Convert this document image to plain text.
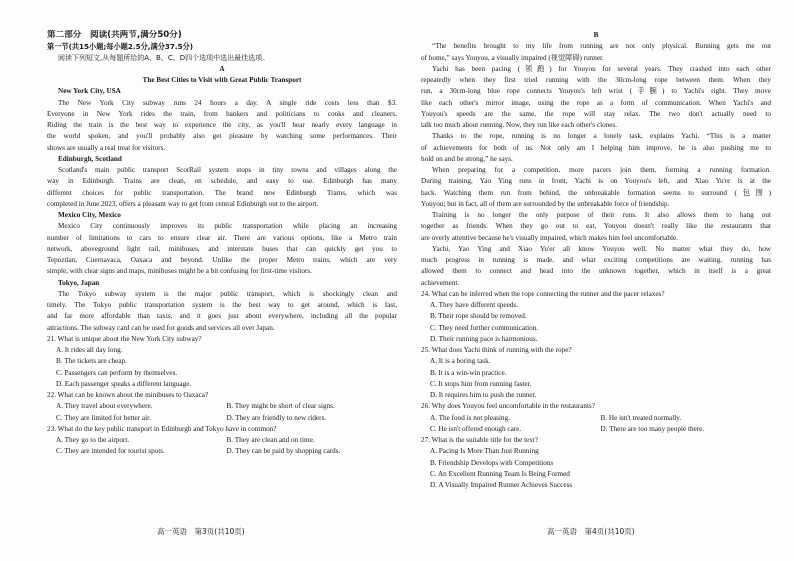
第二部分　阅读(共两节,满分50分)
第一节(共15小题;每小题2.5分,满分37.5分)
阅读下列短文,从每题所给的A、B、C、D四个选项中选出最佳选项。
A
The Best Cities to Visit with Great Public Transport
New York City, USA
The New York City subway runs 24 hours a day. A single ride costs less than $3.
Everyone in New York rides the train, from bankers and politicians to cooks and cleaners.
Riding the train is the best way to experience the city, as you'll hear nearly every language in
the world spoken, and you'll probably also get pleasure by watching some performances. Their
shows are usually a real treat for visitors.
Edinburgh, Scotland
Scotland's main public transport ScotRail system stops in tiny towns and villages along the
way in Edinburgh. Trains are clean, on schedule, and easy to use. Edinburgh has many
different choices for public transportation. The brand new Edinburgh Trams, which was
completed in June 2023, offers a pleasant way to get from central Edinburgh out to the airport.
Mexico City, Mexico
Mexico City continuously improves its public transportation while placing an increasing
number of limitations to cars to ensure clear air. There are various options, like a Metro train
network, aboveground light rail, minibuses, and interstate buses that can quickly get you to
Tepoztlan, Cuernavaca, Oaxaca and beyond. Unlike the proper Metro trains, which are very
simple, with clear signs and maps, minibuses might be a bit confusing for first-time visitors.
Tokyo, Japan
The Tokyo subway system is the major public transport, which is shockingly clean and
timely. The Tokyo public transportation system is the best way to get around, which is fast,
and far more affordable than taxis, and it goes just about everywhere, including all the popular
attractions. The subway card can be used for goods and services all over Japan.
21. What is unique about the New York City subway?
A. It rides all day long.
B. The tickets are cheap.
C. Passengers can perform by themselves.
D. Each passenger speaks a different language.
22. What can be known about the minibuses to Oaxaca?
A. They travel about everywhere.	B. They might be short of clear signs.
C. They are limited for better air.	D. They are friendly to new riders.
23. What do the key public transport in Edinburgh and Tokyo have in common?
A. They go to the airport.	B. They are clean and on time.
C. They are intended for tourist spots.	D. They can be paid by shopping cards.
B
“The benefits brought to my life from running are not only physical. Running gets me out
of home,” says Youyou, a visually impaired (视觉障碍) runner.
Yachi has been pacing (领跑) for Youyou for several years. They crashed into each other
repeatedly when they first tried running with the 30cm-long rope between them. When they
run, a 30cm-long blue rope connects Youyou's left wrist (手腕) to Yachi's right. They move
like each other's mirror image, using the rope as a form of communication. When Yachi's and
Youyou's speeds are the same, the rope will stay relax. The two don't actually need to
talk too much about running. Now, they run like each other's clones.
Thanks to the rope, running is no longer a lonely task, explains Yachi. “This is a matter
of achievements for both of us. Not only am I helping him improve, he is also pushing me to
hold on and be strong,” he says.
When preparing for a competition, more pacers join them, forming a running formation.
During training, Yao Ying runs in front, Yachi is on Youyou's left, and Xiao Yu'er is at the
back. Watching them run from behind, the unbreakable formation seems to surround (包围)
Youyou; but in fact, all of them are surrounded by the unbreakable force of friendship.
Training is no longer the only purpose of their runs. It also allows them to hang out
together as friends. When they go out to eat, Youyou doesn't really like the restaurants that
are overly attentive because he's visually impaired, which makes him feel uncomfortable.
Yachi, Yao Ying and Xiao Yu'er all know Youyou well. No matter what they do, how
much progress in running is made, and what exciting competitions are waiting, running has
allowed them to connect and head into the unknown together, which in itself is a great
achievement.
24. What can be inferred when the rope connecting the runner and the pacer relaxes?
A. They have different speeds.
B. Their rope should be removed.
C. They need further communication.
D. Their running pace is harmonious.
25. What does Yachi think of running with the rope?
A. It is a boring task.
B. It is a win-win practice.
C. It stops him from running faster.
D. It requires him to push the runner.
26. Why does Youyou feel uncomfortable in the restaurants?
A. The food is not pleasing.	B. He isn't treated normally.
C. He isn't offered enough care.	D. There are too many people there.
27. What is the suitable title for the text?
A. Pacing Is More Than Just Running
B. Friendship Develops with Competitions
C. An Excellent Running Team Is Being Formed
D. A Visually Impaired Runner Achieves Success
高一英语　第3页(共10页)	高一英语　第4页(共10页)
